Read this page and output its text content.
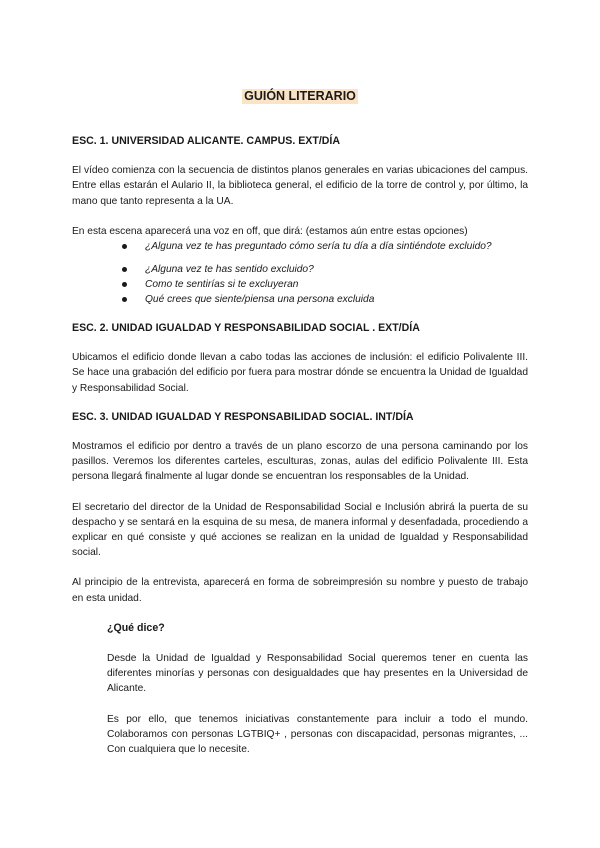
GUIÓN LITERARIO

ESC. 1. UNIVERSIDAD ALICANTE. CAMPUS. EXT/DÍA

El vídeo comienza con la secuencia de distintos planos generales en varias ubicaciones del campus. Entre ellas estarán el Aulario II, la biblioteca general, el edificio de la torre de control y, por último, la mano que tanto representa a la UA.

En esta escena aparecerá una voz en off, que dirá: (estamos aún entre estas opciones)

¿Alguna vez te has preguntado cómo sería tu día a día sintiéndote excluido?
¿Alguna vez te has sentido excluido?
Como te sentirías si te excluyeran
Qué crees que siente/piensa una persona excluida

ESC. 2. UNIDAD IGUALDAD Y RESPONSABILIDAD SOCIAL . EXT/DÍA

Ubicamos el edificio donde llevan a cabo todas las acciones de inclusión: el edificio Polivalente III. Se hace una grabación del edificio por fuera para mostrar dónde se encuentra la Unidad de Igualdad y Responsabilidad Social.

ESC. 3. UNIDAD IGUALDAD Y RESPONSABILIDAD SOCIAL. INT/DÍA

Mostramos el edificio por dentro a través de un plano escorzo de una persona caminando por los pasillos. Veremos los diferentes carteles, esculturas, zonas, aulas del edificio Polivalente III. Esta persona llegará finalmente al lugar donde se encuentran los responsables de la Unidad.

El secretario del director de la Unidad de Responsabilidad Social e Inclusión abrirá la puerta de su despacho y se sentará en la esquina de su mesa, de manera informal y desenfadada, procediendo a explicar en qué consiste y qué acciones se realizan en la unidad de Igualdad y Responsabilidad social.

Al principio de la entrevista, aparecerá en forma de sobreimpresión su nombre y puesto de trabajo en esta unidad.

¿Qué dice?

Desde la Unidad de Igualdad y Responsabilidad Social queremos tener en cuenta las diferentes minorías y personas con desigualdades que hay presentes en la Universidad de Alicante.

Es por ello, que tenemos iniciativas constantemente para incluir a todo el mundo. Colaboramos con personas LGTBIQ+ , personas con discapacidad, personas migrantes, ... Con cualquiera que lo necesite.
